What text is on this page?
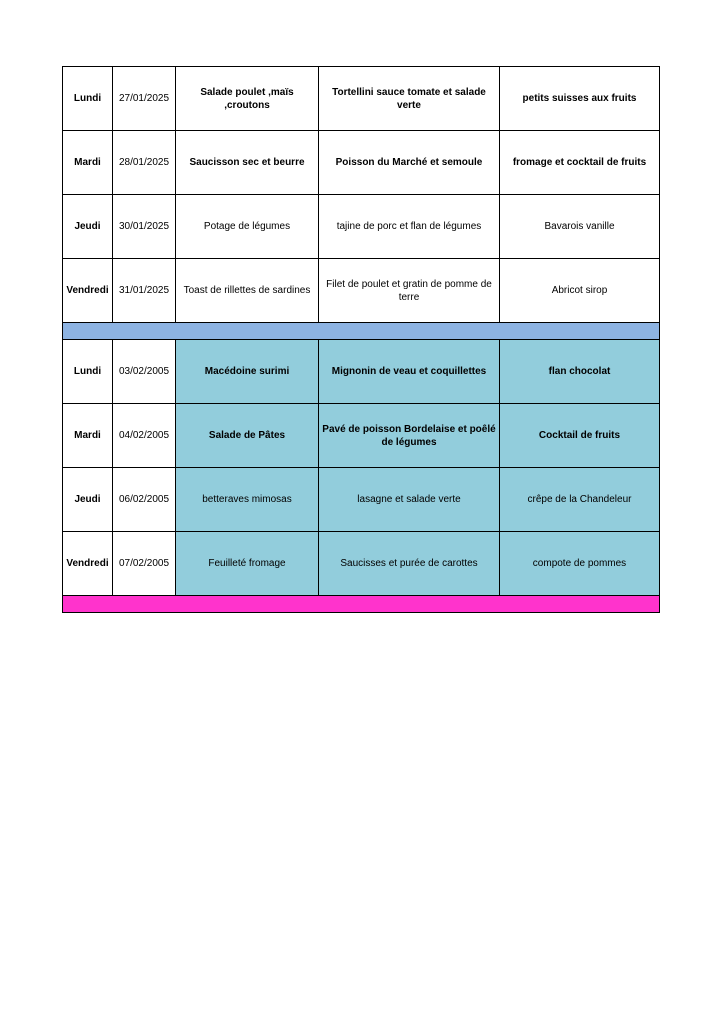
Lundi	27/01/2025	Salade poulet ,maïs ,croutons	Tortellini sauce tomate et salade verte	petits suisses aux fruits
Mardi	28/01/2025	Saucisson sec et beurre	Poisson du Marché et semoule	fromage et cocktail de fruits
Jeudi	30/01/2025	Potage de légumes	tajine de porc et flan de légumes	Bavarois vanille
Vendredi	31/01/2025	Toast de rillettes de sardines	Filet de poulet et gratin de pomme de terre	Abricot sirop

Lundi	03/02/2005	Macédoine surimi	Mignonin de veau et coquillettes	flan chocolat
Mardi	04/02/2005	Salade de Pâtes	Pavé de poisson Bordelaise et poêlé de légumes	Cocktail de fruits
Jeudi	06/02/2005	betteraves mimosas	lasagne et salade verte	crêpe de la Chandeleur
Vendredi	07/02/2005	Feuilleté fromage	Saucisses et purée de carottes	compote de pommes
